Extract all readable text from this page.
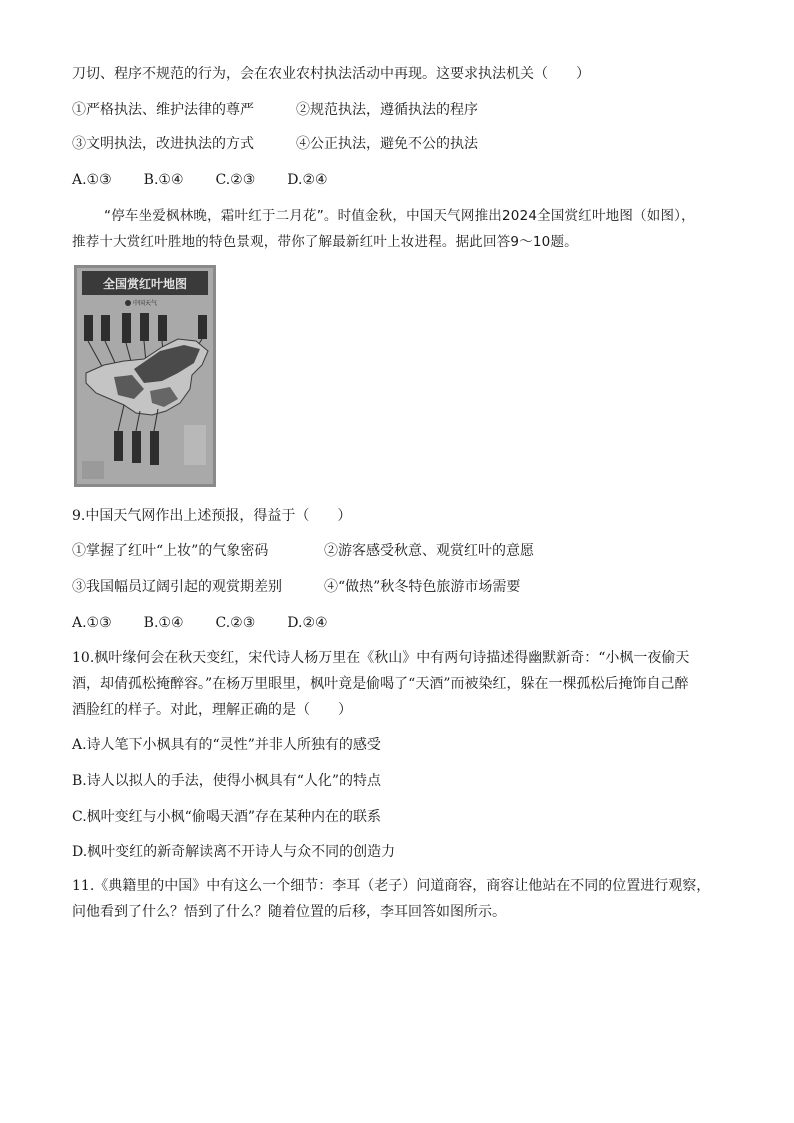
刀切、程序不规范的行为，会在农业农村执法活动中再现。这要求执法机关（　　）
①严格执法、维护法律的尊严	②规范执法，遵循执法的程序
③文明执法，改进执法的方式	④公正执法，避免不公的执法
A.①③ B.①④ C.②③ D.②④
“停车坐爱枫林晚，霜叶红于二月花”。时值金秋，中国天气网推出2024全国赏红叶地图（如图），
推荐十大赏红叶胜地的特色景观，带你了解最新红叶上妆进程。据此回答9～10题。
全国赏红叶地图
中国天气
9.中国天气网作出上述预报，得益于（　　）
①掌握了红叶“上妆”的气象密码	②游客感受秋意、观赏红叶的意愿
③我国幅员辽阔引起的观赏期差别	④“做热”秋冬特色旅游市场需要
A.①③ B.①④ C.②③ D.②④
10.枫叶缘何会在秋天变红，宋代诗人杨万里在《秋山》中有两句诗描述得幽默新奇：“小枫一夜偷天
酒，却倩孤松掩醉容。”在杨万里眼里，枫叶竟是偷喝了“天酒”而被染红，躲在一棵孤松后掩饰自己醉
酒脸红的样子。对此，理解正确的是（　　）
A.诗人笔下小枫具有的“灵性”并非人所独有的感受
B.诗人以拟人的手法，使得小枫具有“人化”的特点
C.枫叶变红与小枫“偷喝天酒”存在某种内在的联系
D.枫叶变红的新奇解读离不开诗人与众不同的创造力
11.《典籍里的中国》中有这么一个细节：李耳（老子）问道商容，商容让他站在不同的位置进行观察，
问他看到了什么？悟到了什么？随着位置的后移，李耳回答如图所示。
